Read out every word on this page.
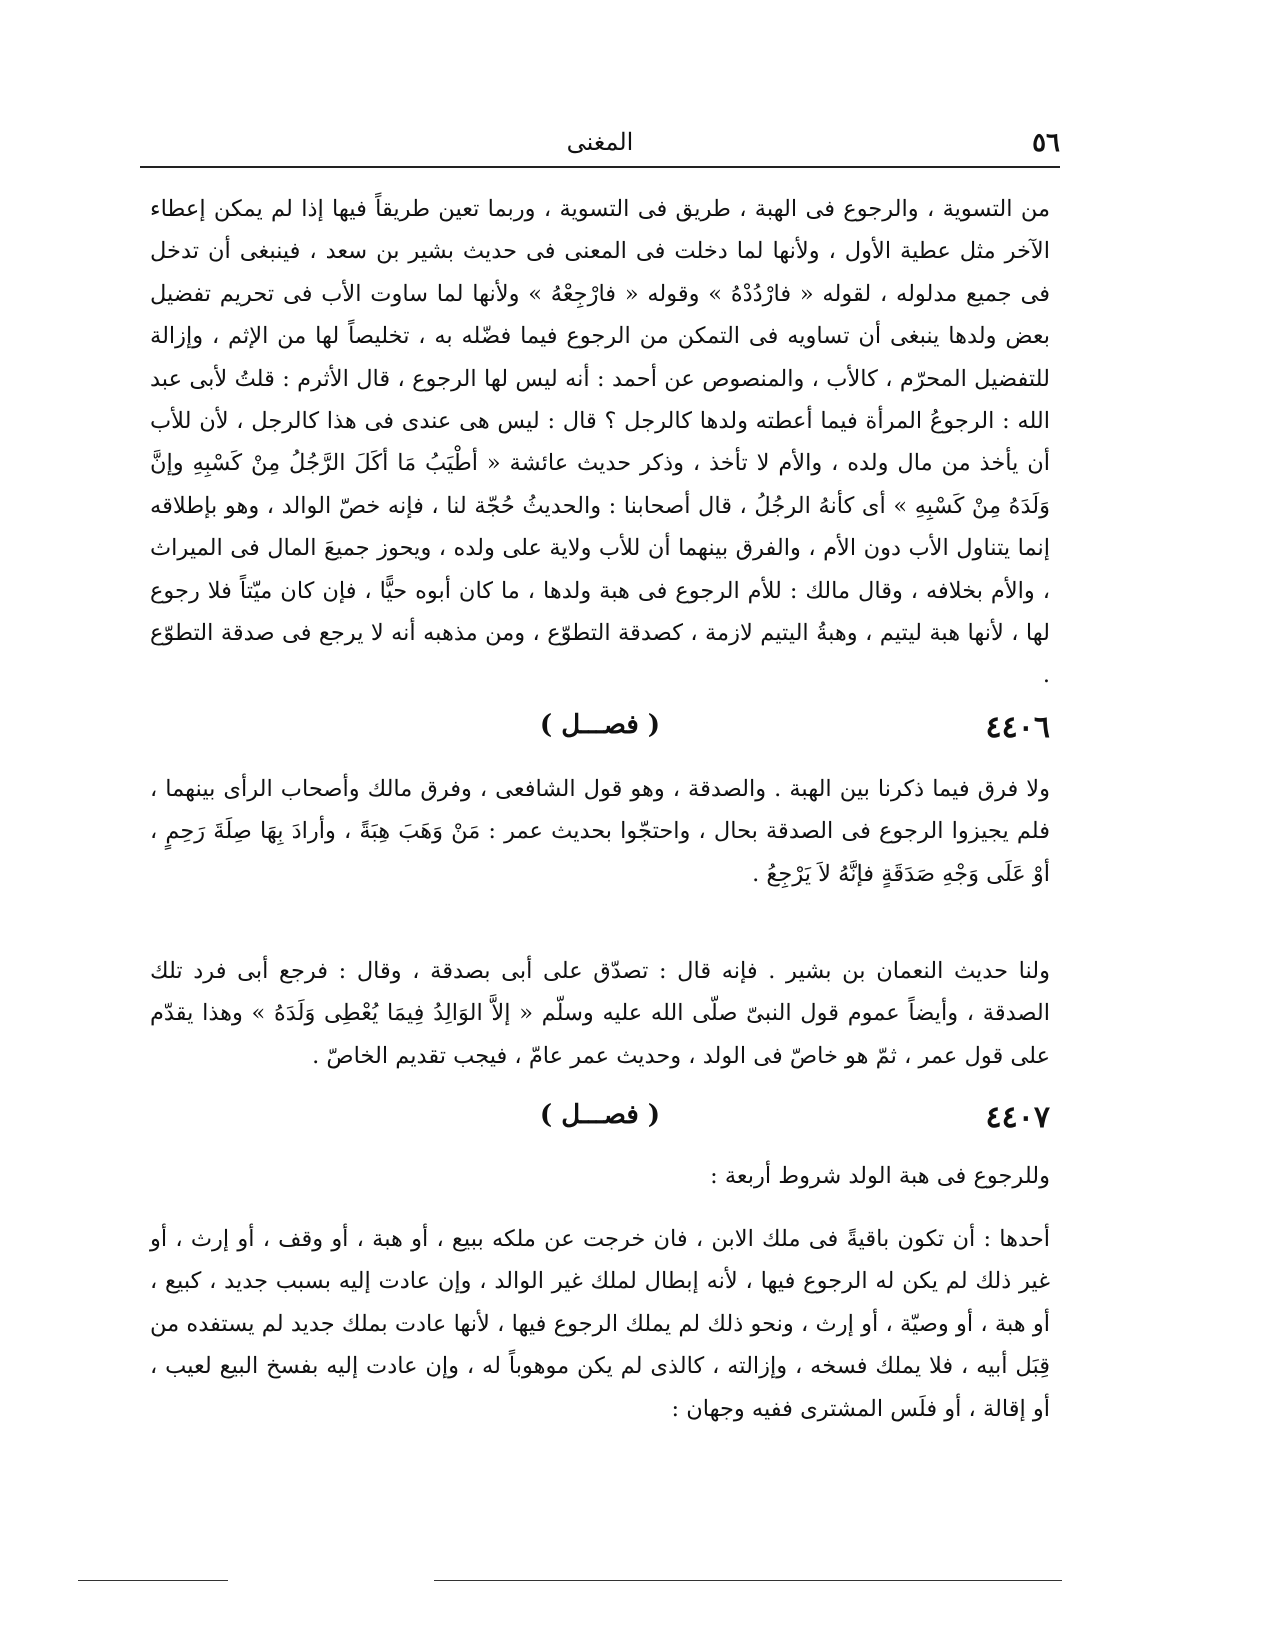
٥٦
المغنى

من التسوية ، والرجوع فى الهبة ، طريق فى التسوية ، وربما تعين طريقاً فيها إذا لم يمكن إعطاء الآخر مثل عطية الأول ، ولأنها لما دخلت فى المعنى فى حديث بشير بن سعد ، فينبغى أن تدخل فى جميع مدلوله ، لقوله « فارْدُدْهُ » وقوله « فارْجِعْهُ » ولأنها لما ساوت الأب فى تحريم تفضيل بعض ولدها ينبغى أن تساويه فى التمكن من الرجوع فيما فضّله به ، تخليصاً لها من الإثم ، وإزالة للتفضيل المحرّم ، كالأب ، والمنصوص عن أحمد : أنه ليس لها الرجوع ، قال الأثرم : قلتُ لأبى عبد الله : الرجوعُ المرأة فيما أعطته ولدها كالرجل ؟ قال : ليس هى عندى فى هذا كالرجل ، لأن للأب أن يأخذ من مال ولده ، والأم لا تأخذ ، وذكر حديث عائشة « أطْيَبُ مَا أكَلَ الرَّجُلُ مِنْ كَسْبِهِ وإنَّ وَلَدَهُ مِنْ كَسْبِهِ » أى كأنهُ الرجُلُ ، قال أصحابنا : والحديثُ حُجّة لنا ، فإنه خصّ الوالد ، وهو بإطلاقه إنما يتناول الأب دون الأم ، والفرق بينهما أن للأب ولاية على ولده ، ويحوز جميعَ المال فى الميراث ، والأم بخلافه ، وقال مالك : للأم الرجوع فى هبة ولدها ، ما كان أبوه حيًّا ، فإن كان ميّتاً فلا رجوع لها ، لأنها هبة ليتيم ، وهبةُ اليتيم لازمة ، كصدقة التطوّع ، ومن مذهبه أنه لا يرجع فى صدقة التطوّع .

٤٤٠٦
( فصـــل )

ولا فرق فيما ذكرنا بين الهبة . والصدقة ، وهو قول الشافعى ، وفرق مالك وأصحاب الرأى بينهما ، فلم يجيزوا الرجوع فى الصدقة بحال ، واحتجّوا بحديث عمر : مَنْ وَهَبَ هِبَةً ، وأرادَ بِهَا صِلَةَ رَحِمٍ ، أوْ عَلَى وَجْهِ صَدَقَةٍ فإنَّهُ لاَ يَرْجِعُ .

ولنا حديث النعمان بن بشير . فإنه قال : تصدّق على أبى بصدقة ، وقال : فرجع أبى فرد تلك الصدقة ، وأيضاً عموم قول النبىّ صلّى الله عليه وسلّم « إلاَّ الوَالِدُ فِيمَا يُعْطِى وَلَدَهُ » وهذا يقدّم على قول عمر ، ثمّ هو خاصّ فى الولد ، وحديث عمر عامّ ، فيجب تقديم الخاصّ .

٤٤٠٧
( فصـــل )

وللرجوع فى هبة الولد شروط أربعة :

أحدها : أن تكون باقيةً فى ملك الابن ، فان خرجت عن ملكه ببيع ، أو هبة ، أو وقف ، أو إرث ، أو غير ذلك لم يكن له الرجوع فيها ، لأنه إبطال لملك غير الوالد ، وإن عادت إليه بسبب جديد ، كبيع ، أو هبة ، أو وصيّة ، أو إرث ، ونحو ذلك لم يملك الرجوع فيها ، لأنها عادت بملك جديد لم يستفده من قِبَل أبيه ، فلا يملك فسخه ، وإزالته ، كالذى لم يكن موهوباً له ، وإن عادت إليه بفسخ البيع لعيب ، أو إقالة ، أو فلَس المشترى ففيه وجهان :
